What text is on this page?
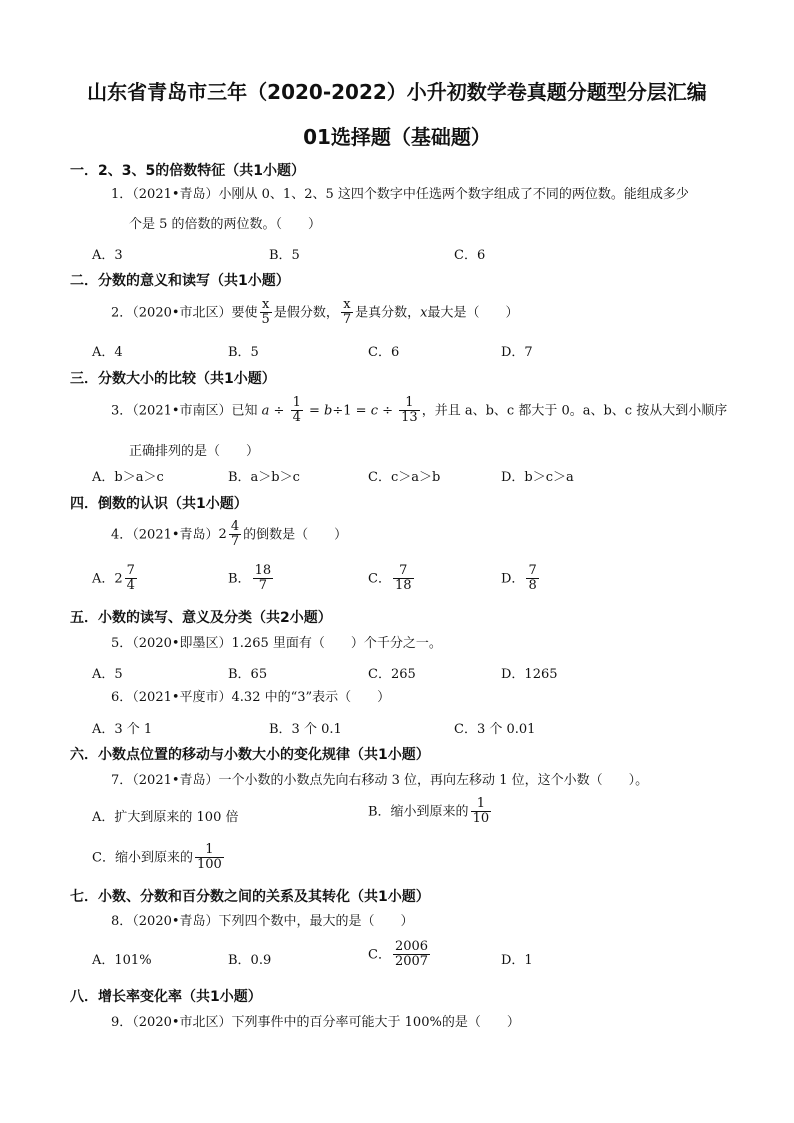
山东省青岛市三年（2020-2022）小升初数学卷真题分题型分层汇编
01选择题（基础题）
一．2、3、5的倍数特征（共1小题）
1．（2021•青岛）小刚从 0、1、2、5 这四个数字中任选两个数字组成了不同的两位数。能组成多少
个是 5 的倍数的两位数。（　　）
A．3	B．5	C．6
二．分数的意义和读写（共1小题）
2．（2020•市北区）要使 $\frac{x}{5}$ 是假分数， $\frac{x}{7}$ 是真分数，x最大是（　　）
A．4	B．5	C．6	D．7
三．分数大小的比较（共1小题）
3．（2021•市南区）已知 $a \div \frac{1}{4} = b\div 1 = c \div \frac{1}{13}$ ，并且 a、b、c 都大于 0。a、b、c 按从大到小顺序
正确排列的是（　　）
A．b＞a＞c	B．a＞b＞c	C．c＞a＞b	D．b＞c＞a
四．倒数的认识（共1小题）
4．（2021•青岛）$2 \frac{4}{7}$ 的倒数是（　　）
A．$2 \frac{7}{4}$	B． $\frac{18}{7}$	C． $\frac{7}{18}$	D． $\frac{7}{8}$
五．小数的读写、意义及分类（共2小题）
5．（2020•即墨区）1.265 里面有（　　）个千分之一。
A．5	B．65	C．265	D．1265
6．（2021•平度市）4.32 中的“3”表示（　　）
A．3 个 1	B．3 个 0.1	C．3 个 0.01
六．小数点位置的移动与小数大小的变化规律（共1小题）
7．（2021•青岛）一个小数的小数点先向右移动 3 位，再向左移动 1 位，这个小数（　　）。
A．扩大到原来的 100 倍	B．缩小到原来的 $\frac{1}{10}$
C．缩小到原来的 $\frac{1}{100}$
七．小数、分数和百分数之间的关系及其转化（共1小题）
8．（2020•青岛）下列四个数中，最大的是（　　）
A．101%	B．0.9	C． $\frac{2006}{2007}$	D．1
八．增长率变化率（共1小题）
9．（2020•市北区）下列事件中的百分率可能大于 100%的是（　　）
